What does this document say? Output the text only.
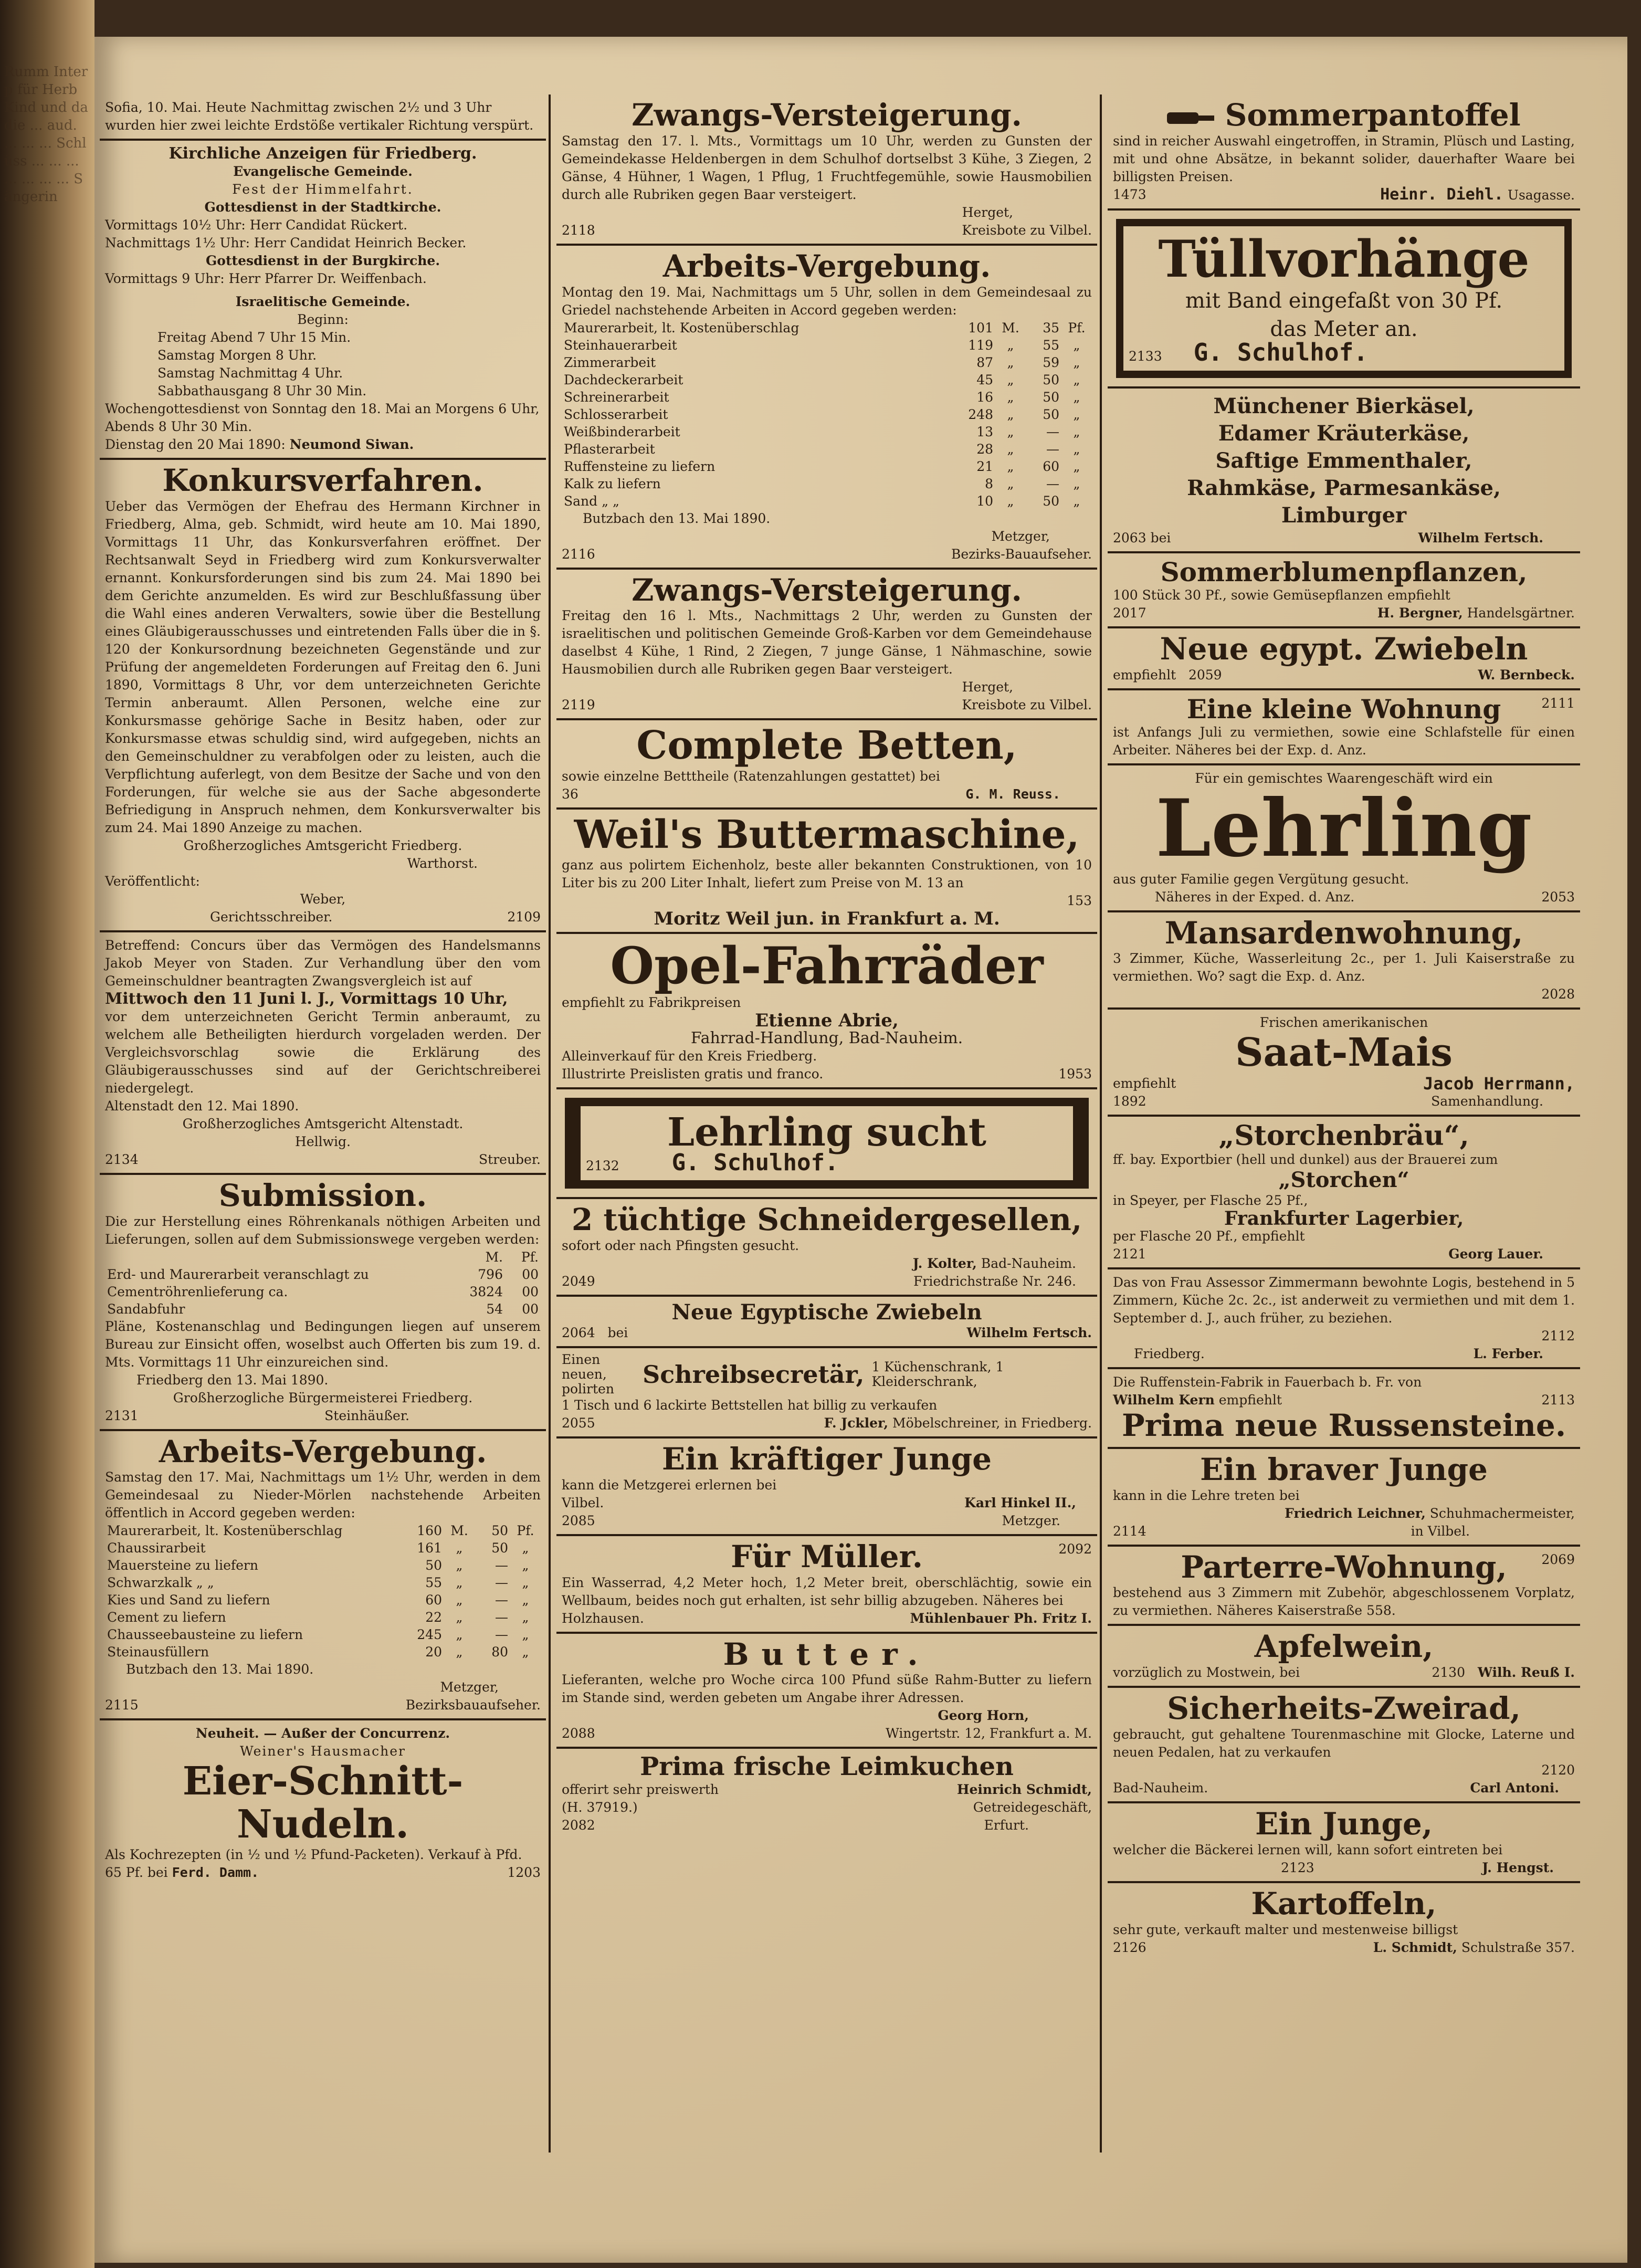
Rumm Interp für Herb Kind und da die ... aud. ... ... ... Schlüss ... ... ... ... ... ... ... Sängerin

Sofia, 10. Mai. Heute Nachmittag zwischen 2½ und 3 Uhr wurden hier zwei leichte Erdstöße vertikaler Richtung verspürt.

Kirchliche Anzeigen für Friedberg.

Evangelische Gemeinde.

Fest der Himmelfahrt.

Gottesdienst in der Stadtkirche.

Vormittags 10½ Uhr: Herr Candidat Rückert.

Nachmittags 1½ Uhr: Herr Candidat Heinrich Becker.

Gottesdienst in der Burgkirche.

Vormittags 9 Uhr: Herr Pfarrer Dr. Weiffenbach.

Israelitische Gemeinde.

Beginn:

Freitag Abend 7 Uhr 15 Min.

Samstag Morgen 8 Uhr.

Samstag Nachmittag 4 Uhr.

Sabbathausgang 8 Uhr 30 Min.

Wochengottesdienst von Sonntag den 18. Mai an Morgens 6 Uhr, Abends 8 Uhr 30 Min.

Dienstag den 20 Mai 1890: Neumond Siwan.

Konkursverfahren.

Ueber das Vermögen der Ehefrau des Hermann Kirchner in Friedberg, Alma, geb. Schmidt, wird heute am 10. Mai 1890, Vormittags 11 Uhr, das Konkursverfahren eröffnet. Der Rechtsanwalt Seyd in Friedberg wird zum Konkursverwalter ernannt. Konkursforderungen sind bis zum 24. Mai 1890 bei dem Gerichte anzumelden. Es wird zur Beschlußfassung über die Wahl eines anderen Verwalters, sowie über die Bestellung eines Gläubigerausschusses und eintretenden Falls über die in §. 120 der Konkursordnung bezeichneten Gegenstände und zur Prüfung der angemeldeten Forderungen auf Freitag den 6. Juni 1890, Vormittags 8 Uhr, vor dem unterzeichneten Gerichte Termin anberaumt. Allen Personen, welche eine zur Konkursmasse gehörige Sache in Besitz haben, oder zur Konkursmasse etwas schuldig sind, wird aufgegeben, nichts an den Gemeinschuldner zu verabfolgen oder zu leisten, auch die Verpflichtung auferlegt, von dem Besitze der Sache und von den Forderungen, für welche sie aus der Sache abgesonderte Befriedigung in Anspruch nehmen, dem Konkursverwalter bis zum 24. Mai 1890 Anzeige zu machen.

Großherzogliches Amtsgericht Friedberg.

Warthorst.

Veröffentlicht:

Weber,

Gerichtsschreiber.	2109

Betreffend: Concurs über das Vermögen des Handelsmanns Jakob Meyer von Staden. Zur Verhandlung über den vom Gemeinschuldner beantragten Zwangsvergleich ist auf

Mittwoch den 11 Juni l. J., Vormittags 10 Uhr,

vor dem unterzeichneten Gericht Termin anberaumt, zu welchem alle Betheiligten hierdurch vorgeladen werden. Der Vergleichsvorschlag sowie die Erklärung des Gläubigerausschusses sind auf der Gerichtschreiberei niedergelegt.

Altenstadt den 12. Mai 1890.

Großherzogliches Amtsgericht Altenstadt.

Hellwig.

2134	Streuber.

Submission.

Die zur Herstellung eines Röhrenkanals nöthigen Arbeiten und Lieferungen, sollen auf dem Submissionswege vergeben werden:

	M.	Pf.
Erd- und Maurerarbeit veranschlagt zu	796	00
Cementröhrenlieferung ca.	3824	00
Sandabfuhr	54	00

Pläne, Kostenanschlag und Bedingungen liegen auf unserem Bureau zur Einsicht offen, woselbst auch Offerten bis zum 19. d. Mts. Vormittags 11 Uhr einzureichen sind.

Friedberg den 13. Mai 1890.

Großherzogliche Bürgermeisterei Friedberg.

2131	Steinhäußer.

Arbeits-Vergebung.

Samstag den 17. Mai, Nachmittags um 1½ Uhr, werden in dem Gemeindesaal zu Nieder-Mörlen nachstehende Arbeiten öffentlich in Accord gegeben werden:

Maurerarbeit, lt. Kostenüberschlag	160	M.	50	Pf.
Chaussirarbeit	161	„	50	„
Mauersteine zu liefern	50	„	—	„
Schwarzkalk „ „	55	„	—	„
Kies und Sand zu liefern	60	„	—	„
Cement zu liefern	22	„	—	„
Chausseebausteine zu liefern	245	„	—	„
Steinausfüllern	20	„	80	„

Butzbach den 13. Mai 1890.

Metzger,

2115	Bezirksbauaufseher.

Neuheit. — Außer der Concurrenz.

Weiner's Hausmacher

Eier-Schnitt-Nudeln.

Als Kochrezepten (in ½ und ½ Pfund-Packeten). Verkauf à Pfd. 65 Pf. bei Ferd. Damm.	1203

Zwangs-Versteigerung.

Samstag den 17. l. Mts., Vormittags um 10 Uhr, werden zu Gunsten der Gemeindekasse Heldenbergen in dem Schulhof dortselbst 3 Kühe, 3 Ziegen, 2 Gänse, 4 Hühner, 1 Wagen, 1 Pflug, 1 Fruchtfegemühle, sowie Hausmobilien durch alle Rubriken gegen Baar versteigert.

Herget,

2118	Kreisbote zu Vilbel.

Arbeits-Vergebung.

Montag den 19. Mai, Nachmittags um 5 Uhr, sollen in dem Gemeindesaal zu Griedel nachstehende Arbeiten in Accord gegeben werden:

Maurerarbeit, lt. Kostenüberschlag	101	M.	35	Pf.
Steinhauerarbeit	119	„	55	„
Zimmerarbeit	87	„	59	„
Dachdeckerarbeit	45	„	50	„
Schreinerarbeit	16	„	50	„
Schlosserarbeit	248	„	50	„
Weißbinderarbeit	13	„	—	„
Pflasterarbeit	28	„	—	„
Ruffensteine zu liefern	21	„	60	„
Kalk zu liefern	8	„	—	„
Sand „ „	10	„	50	„

Butzbach den 13. Mai 1890.

Metzger,

2116	Bezirks-Bauaufseher.

Zwangs-Versteigerung.

Freitag den 16 l. Mts., Nachmittags 2 Uhr, werden zu Gunsten der israelitischen und politischen Gemeinde Groß-Karben vor dem Gemeindehause daselbst 4 Kühe, 1 Rind, 2 Ziegen, 7 junge Gänse, 1 Nähmaschine, sowie Hausmobilien durch alle Rubriken gegen Baar versteigert.

Herget,

2119	Kreisbote zu Vilbel.

Complete Betten,

sowie einzelne Betttheile (Ratenzahlungen gestattet) bei

36	G. M. Reuss.

Weil's Buttermaschine,

ganz aus polirtem Eichenholz, beste aller bekannten Construktionen, von 10 Liter bis zu 200 Liter Inhalt, liefert zum Preise von M. 13 an

153

Moritz Weil jun. in Frankfurt a. M.

Opel-Fahrräder

empfiehlt zu Fabrikpreisen

Etienne Abrie,

Fahrrad-Handlung, Bad-Nauheim.

Alleinverkauf für den Kreis Friedberg.

Illustrirte Preislisten gratis und franco.	1953

Lehrling sucht

2132 G. Schulhof.

2 tüchtige Schneidergesellen,

sofort oder nach Pfingsten gesucht.

J. Kolter, Bad-Nauheim.

2049	Friedrichstraße Nr. 246.

Neue Egyptische Zwiebeln

2064 bei	Wilhelm Fertsch.

Einen neuen, polirten

Schreibsecretär, 1 Küchenschrank, 1 Kleiderschrank,

1 Tisch und 6 lackirte Bettstellen hat billig zu verkaufen

2055	F. Jckler, Möbelschreiner, in Friedberg.

Ein kräftiger Junge

kann die Metzgerei erlernen bei

Vilbel.	Karl Hinkel II.,
2085	Metzger.

Für Müller.	2092

Ein Wasserrad, 4,2 Meter hoch, 1,2 Meter breit, oberschlächtig, sowie ein Wellbaum, beides noch gut erhalten, ist sehr billig abzugeben. Näheres bei

Holzhausen.	Mühlenbauer Ph. Fritz I.

Butter.

Lieferanten, welche pro Woche circa 100 Pfund süße Rahm-Butter zu liefern im Stande sind, werden gebeten um Angabe ihrer Adressen.

Georg Horn,

2088	Wingertstr. 12, Frankfurt a. M.

Prima frische Leimkuchen

offerirt sehr preiswerth	Heinrich Schmidt,
(H. 37919.)	Getreidegeschäft,
2082	Erfurt.

Sommerpantoffel

sind in reicher Auswahl eingetroffen, in Stramin, Plüsch und Lasting, mit und ohne Absätze, in bekannt solider, dauerhafter Waare bei billigsten Preisen.

1473	Heinr. Diehl. Usagasse.

Tüllvorhänge

mit Band eingefaßt von 30 Pf.

das Meter an.

2133 G. Schulhof.

Münchener Bierkäsel,

Edamer Kräuterkäse,

Saftige Emmenthaler,

Rahmkäse, Parmesankäse,

Limburger

2063 bei	Wilhelm Fertsch.

Sommerblumenpflanzen,

100 Stück 30 Pf., sowie Gemüsepflanzen empfiehlt

2017	H. Bergner, Handelsgärtner.

Neue egypt. Zwiebeln

empfiehlt 2059	W. Bernbeck.

Eine kleine Wohnung	2111

ist Anfangs Juli zu vermiethen, sowie eine Schlafstelle für einen Arbeiter. Näheres bei der Exp. d. Anz.

Für ein gemischtes Waarengeschäft wird ein

Lehrling

aus guter Familie gegen Vergütung gesucht.

Näheres in der Exped. d. Anz.	2053

Mansardenwohnung,

3 Zimmer, Küche, Wasserleitung 2c., per 1. Juli Kaiserstraße zu vermiethen. Wo? sagt die Exp. d. Anz.

2028

Frischen amerikanischen

Saat-Mais

empfiehlt	Jacob Herrmann,
1892	Samenhandlung.

„Storchenbräu“,

ff. bay. Exportbier (hell und dunkel) aus der Brauerei zum

„Storchen“

in Speyer, per Flasche 25 Pf.,

Frankfurter Lagerbier,

per Flasche 20 Pf., empfiehlt

2121	Georg Lauer.

Das von Frau Assessor Zimmermann bewohnte Logis, bestehend in 5 Zimmern, Küche 2c. 2c., ist anderweit zu vermiethen und mit dem 1. September d. J., auch früher, zu beziehen.

2112

Friedberg.	L. Ferber.

Die Ruffenstein-Fabrik in Fauerbach b. Fr. von

Wilhelm Kern empfiehlt	2113

Prima neue Russensteine.

Ein braver Junge

kann in die Lehre treten bei

Friedrich Leichner, Schuhmachermeister,

2114	in Vilbel.

Parterre-Wohnung,	2069

bestehend aus 3 Zimmern mit Zubehör, abgeschlossenem Vorplatz, zu vermiethen. Näheres Kaiserstraße 558.

Apfelwein,

vorzüglich zu Mostwein, bei	2130 Wilh. Reuß I.

Sicherheits-Zweirad,

gebraucht, gut gehaltene Tourenmaschine mit Glocke, Laterne und neuen Pedalen, hat zu verkaufen

2120

Bad-Nauheim.	Carl Antoni.

Ein Junge,

welcher die Bäckerei lernen will, kann sofort eintreten bei

2123	J. Hengst.

Kartoffeln,

sehr gute, verkauft malter und mestenweise billigst

2126	L. Schmidt, Schulstraße 357.
